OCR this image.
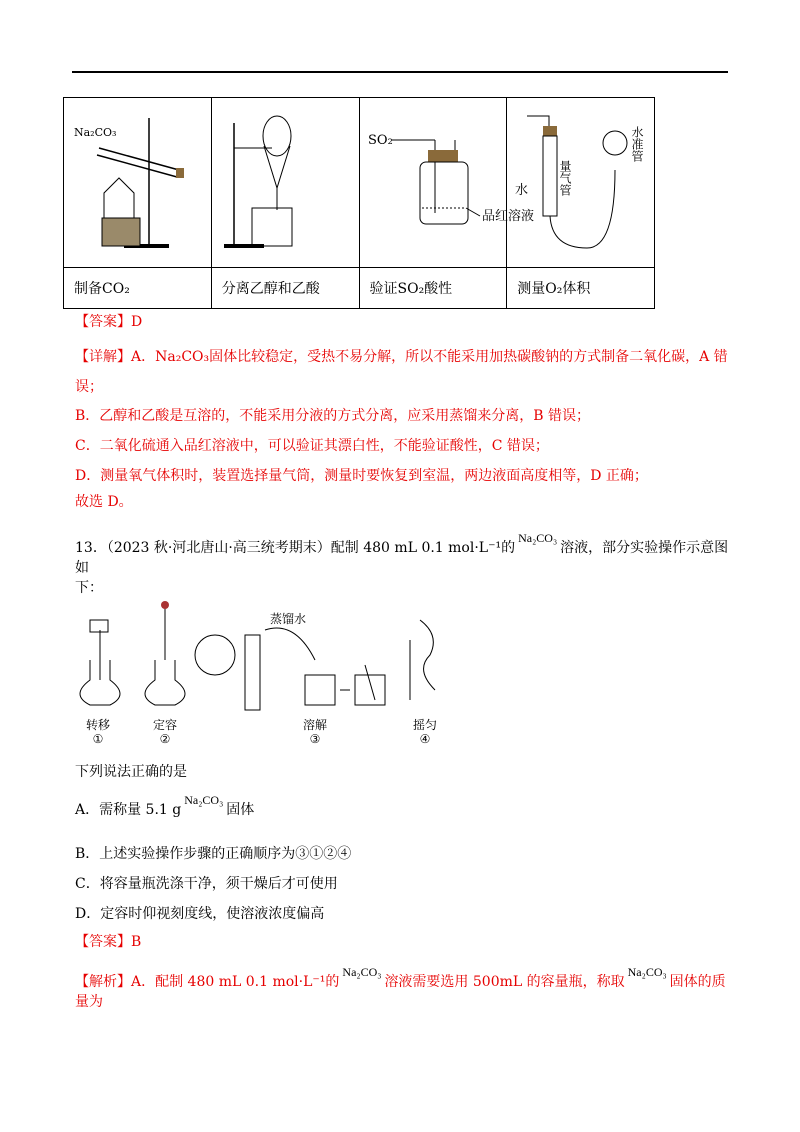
Na₂CO₃		SO₂
品红溶液	水 量气管
水准管

制备CO₂	分离乙醇和乙酸	验证SO₂酸性	测量O₂体积

【答案】D

【详解】A．Na₂CO₃固体比较稳定，受热不易分解，所以不能采用加热碳酸钠的方式制备二氧化碳，A 错误；

B．乙醇和乙酸是互溶的，不能采用分液的方式分离，应采用蒸馏来分离，B 错误；

C．二氧化硫通入品红溶液中，可以验证其漂白性，不能验证酸性，C 错误；

D．测量氧气体积时，装置选择量气筒，测量时要恢复到室温，两边液面高度相等，D 正确；

故选 D。

13．（2023 秋·河北唐山·高三统考期末）配制 480 mL 0.1 mol·L⁻¹的Na₂CO₃溶液，部分实验操作示意图如

下：

转移	定容	溶解	摇匀
①	②	③	④
蒸馏水

下列说法正确的是

A．需称量 5.1 gNa₂CO₃固体

B．上述实验操作步骤的正确顺序为③①②④

C．将容量瓶洗涤干净，须干燥后才可使用

D．定容时仰视刻度线，使溶液浓度偏高

【答案】B

【解析】A．配制 480 mL 0.1 mol·L⁻¹的Na₂CO₃溶液需要选用 500mL 的容量瓶，称取Na₂CO₃固体的质量为
